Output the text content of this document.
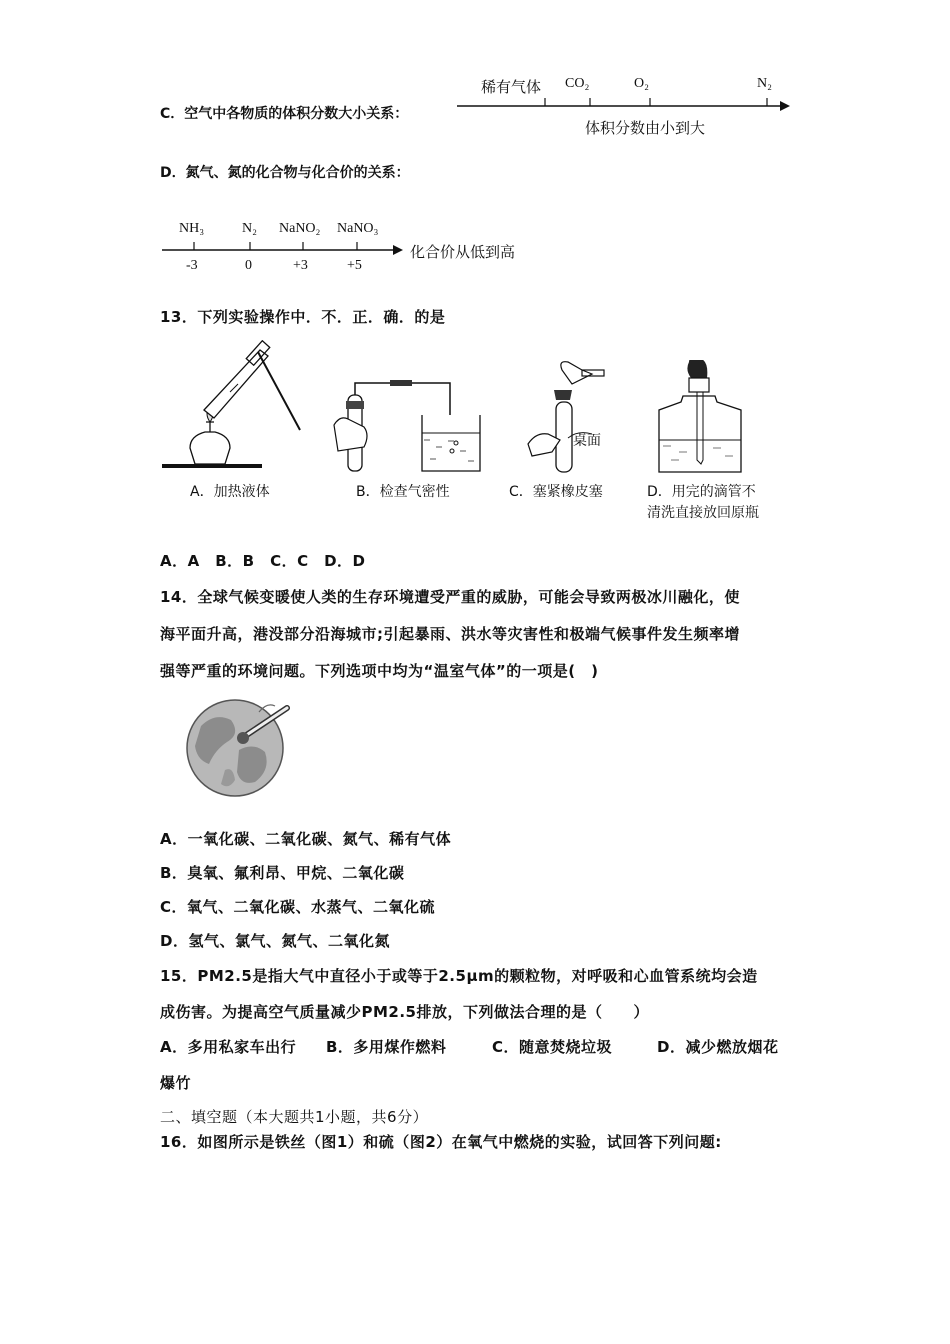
C．空气中各物质的体积分数大小关系：
稀有气体 CO₂	O₂	N₂
体积分数由小到大
D．氮气、氮的化合物与化合价的关系：
NH₃	N₂ NaNO₂ NaNO₃
-3	0	+3	+5
化合价从低到高
13．下列实验操作中．不．正．确．的是
A．加热液体	B．检查气密性
桌面
C．塞紧橡皮塞	D．用完的滴管不
清洗直接放回原瓶
A．A　B．B　C．C　D．D
14．全球气候变暖使人类的生存环境遭受严重的威胁，可能会导致两极冰川融化，使
海平面升高，港没部分沿海城市;引起暴雨、洪水等灾害性和极端气候事件发生频率增
强等严重的环境问题。下列选项中均为“温室气体”的一项是(　)
A．一氧化碳、二氧化碳、氮气、稀有气体
B．臭氧、氟利昂、甲烷、二氧化碳
C．氧气、二氧化碳、水蒸气、二氧化硫
D．氢气、氯气、氮气、二氧化氮
15．PM2.5是指大气中直径小于或等于2.5μm的颗粒物，对呼吸和心血管系统均会造
成伤害。为提高空气质量减少PM2.5排放，下列做法合理的是（　　）
A．多用私家车出行 B．多用煤作燃料	C．随意焚烧垃圾	D．减少燃放烟花
爆竹
二、填空题（本大题共1小题，共6分）
16．如图所示是铁丝（图1）和硫（图2）在氧气中燃烧的实验，试回答下列问题:
